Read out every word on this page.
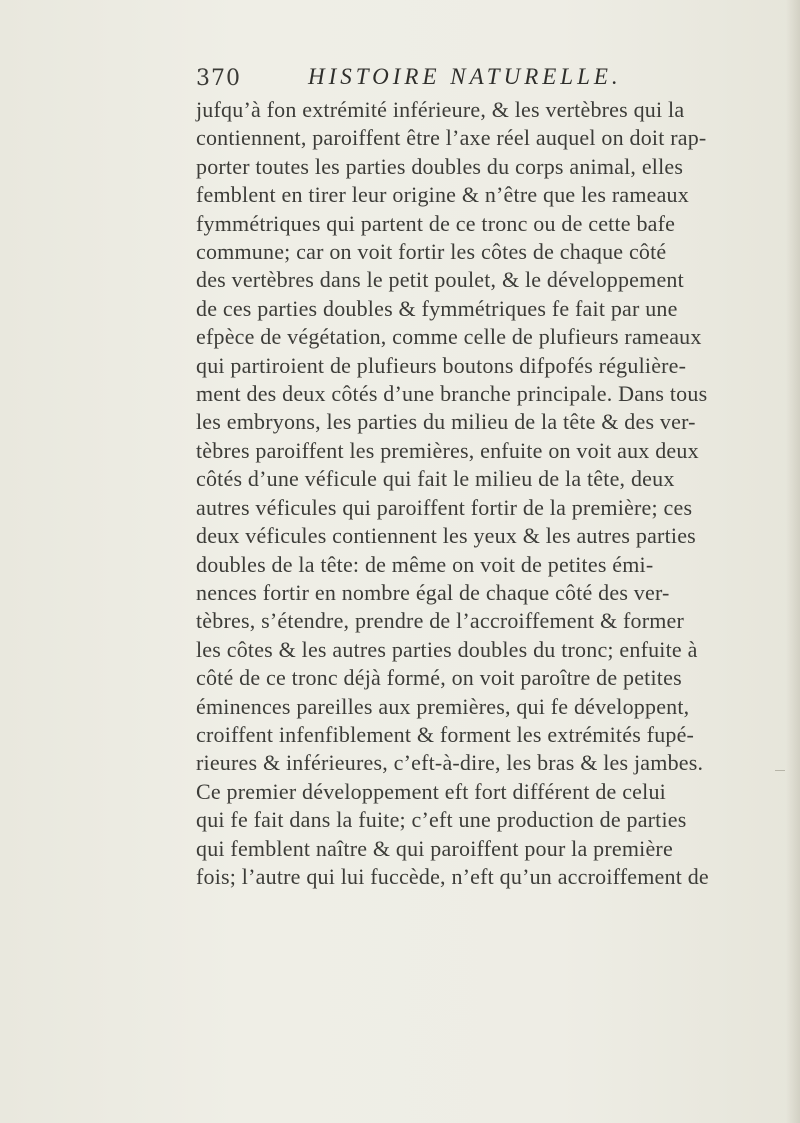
370	HISTOIRE NATURELLE.
jufqu’à fon extrémité inférieure, & les vertèbres qui la
contiennent, paroiffent être l’axe réel auquel on doit rap-
porter toutes les parties doubles du corps animal, elles
femblent en tirer leur origine & n’être que les rameaux
fymmétriques qui partent de ce tronc ou de cette bafe
commune; car on voit fortir les côtes de chaque côté
des vertèbres dans le petit poulet, & le développement
de ces parties doubles & fymmétriques fe fait par une
efpèce de végétation, comme celle de plufieurs rameaux
qui partiroient de plufieurs boutons difpofés régulière-
ment des deux côtés d’une branche principale. Dans tous
les embryons, les parties du milieu de la tête & des ver-
tèbres paroiffent les premières, enfuite on voit aux deux
côtés d’une véficule qui fait le milieu de la tête, deux
autres véficules qui paroiffent fortir de la première; ces
deux véficules contiennent les yeux & les autres parties
doubles de la tête: de même on voit de petites émi-
nences fortir en nombre égal de chaque côté des ver-
tèbres, s’étendre, prendre de l’accroiffement & former
les côtes & les autres parties doubles du tronc; enfuite à
côté de ce tronc déjà formé, on voit paroître de petites
éminences pareilles aux premières, qui fe développent,
croiffent infenfiblement & forment les extrémités fupé-
rieures & inférieures, c’eft-à-dire, les bras & les jambes.
Ce premier développement eft fort différent de celui
qui fe fait dans la fuite; c’eft une production de parties
qui femblent naître & qui paroiffent pour la première
fois; l’autre qui lui fuccède, n’eft qu’un accroiffement de
